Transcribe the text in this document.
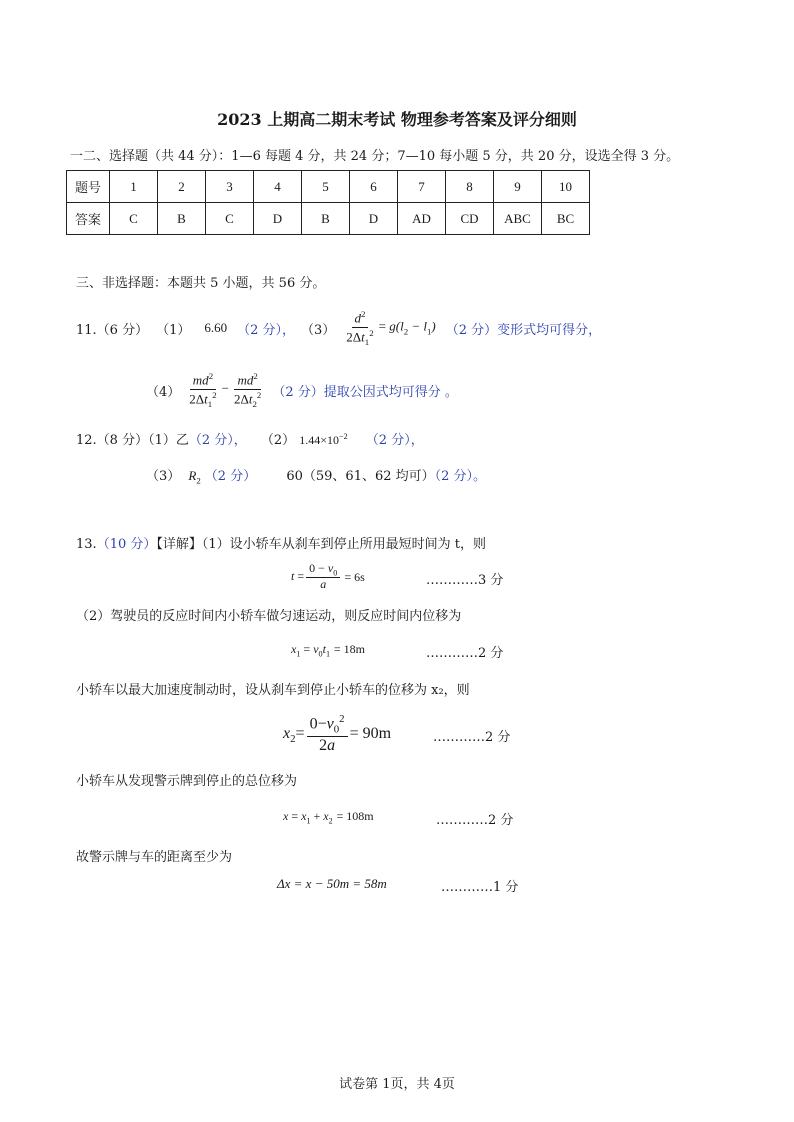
2023 上期高二期末考试 物理参考答案及评分细则
一二、选择题（共 44 分）：1—6 每题 4 分，共 24 分；7—10 每小题 5 分，共 20 分，设选全得 3 分。
题号	1	2	3	4	5	6	7	8	9	10
答案	C	B	C	D	B	D	AD	CD	ABC	BC
三、非选择题：本题共 5 小题，共 56 分。
11.（6 分） （1） 6.60 （2 分）， $(3) \frac{d^2}{2\Delta t_1^2} = g(l_2 - l_1)$ （2 分）变形式均可得分，
$(4) \frac{md^2}{2\Delta t_1^2} - \frac{md^2}{2\Delta t_2^2} (2$ 分）提取公因式均可得分 。
12.（8 分）（1）乙（2 分）， （2） $1.44\times 10^{-2}$ （2 分），
（3） $R_2$ （2 分） 60（59、61、62 均可）（2 分）。
13.（10 分）【详解】（1）设小轿车从刹车到停止所用最短时间为 t，则
$t = \frac{0 - v_0}{a} = 6s$	…………3 分
（2）驾驶员的反应时间内小轿车做匀速运动，则反应时间内位移为
$x_1 = v_0t_1 = 18m$	…………2 分
小轿车以最大加速度制动时，设从刹车到停止小轿车的位移为 x₂，则
$x_2= \frac{0-v_0^2}{2a} = 90m$	…………2 分
小轿车从发现警示牌到停止的总位移为
$x = x_1 + x_2 = 108m$	…………2 分
故警示牌与车的距离至少为
Δx = x − 50m = 58m	…………1 分
试卷第 1页，共 4页
